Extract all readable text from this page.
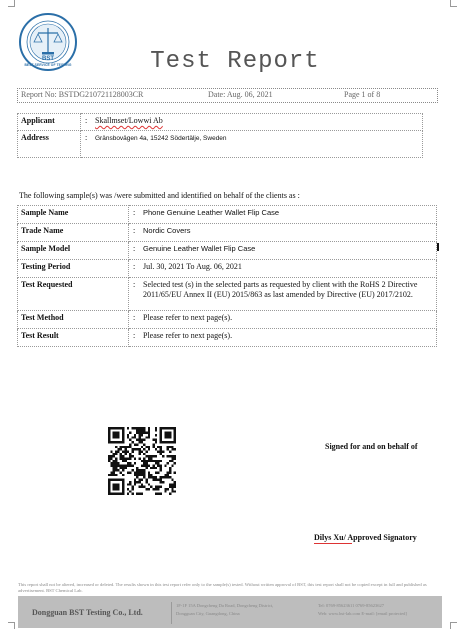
BST
BEST SERVICE OF TESTING	Test Report
Report No: BSTDG210721128003CR	Date: Aug. 06, 2021	Page 1 of 8
Applicant	: Skallmset/Lowwi Ab
Address	: Gränsbovägen 4a, 15242 Södertälje, Sweden
The following sample(s) was /were submitted and identified on behalf of the clients as :
Sample Name	: Phone Genuine Leather Wallet Flip Case
Trade Name	: Nordic Covers
Sample Model	: Genuine Leather Wallet Flip Case
Testing Period	: Jul. 30, 2021 To Aug. 06, 2021
Test Requested	: Selected test (s) in the selected parts as requested by client with the RoHS 2 Directive 2011/65/EU Annex II (EU) 2015/863 as last amended by Directive (EU) 2017/2102.
Test Method	: Please refer to next page(s).
Test Result	: Please refer to next page(s).
Signed for and on behalf of
Dilys Xu/ Approved Signatory
This report shall not be altered, increased or deleted. The results shown in this test report refer only to the sample(s) tested. Without written approval of BST, this test report shall not be copied except in full and published as advertisement. BST Chemical Lab.
Dongguan BST Testing Co., Ltd.
1F-1F 15A Dongcheng Da Road, Dongcheng District,
Dongguan City, Guangdong, China
Tel: 0769-85623611 0769-85623627
Web: www.bst-lab.com E-mail: [email protected]
